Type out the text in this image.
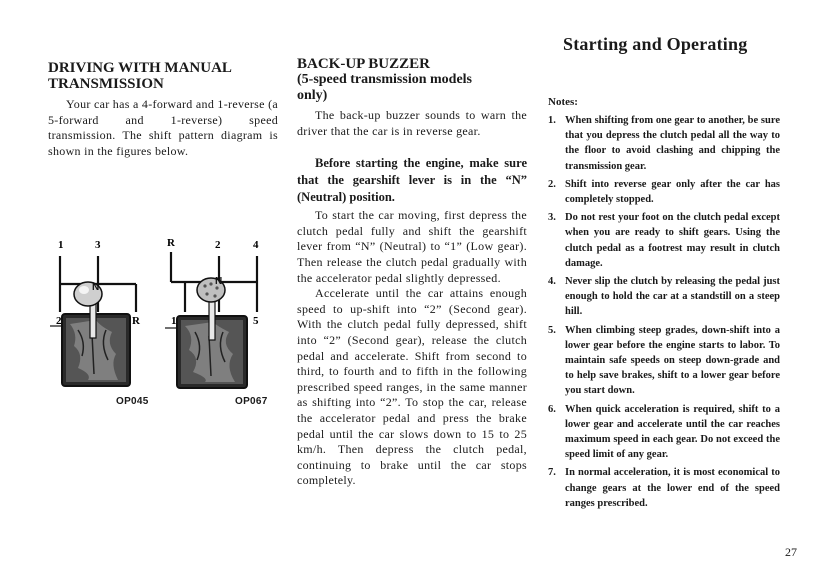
Starting and Operating
DRIVING WITH MANUAL
TRANSMISSION

Your car has a 4-forward and 1-reverse (a 5-forward and 1-reverse) speed transmission. The shift pattern diagram is shown in the figures below.

1	3
2	R
N
OP045
R	2	4
1	5
N
OP067
BACK-UP BUZZER
(5-speed transmission models
only)

The back-up buzzer sounds to warn the driver that the car is in reverse gear.

Before starting the engine, make sure that the gearshift lever is in the “N” (Neutral) position.

To start the car moving, first depress the clutch pedal fully and shift the gearshift lever from “N” (Neutral) to “1” (Low gear). Then release the clutch pedal gradually with the accelerator pedal slightly depressed.

Accelerate until the car attains enough speed to up-shift into “2” (Second gear). With the clutch pedal fully depressed, shift into “2” (Second gear), release the clutch pedal and accelerate. Shift from second to third, to fourth and to fifth in the following prescribed speed ranges, in the same manner as shifting into “2”. To stop the car, release the accelerator pedal and press the brake pedal until the car slows down to 15 to 25 km/h. Then depress the clutch pedal, continuing to brake until the car stops completely.

Notes:
1. When shifting from one gear to another, be sure that you depress the clutch pedal all the way to the floor to avoid clashing and chipping the transmission gear.
2. Shift into reverse gear only after the car has completely stopped.
3. Do not rest your foot on the clutch pedal except when you are ready to shift gears. Using the clutch pedal as a footrest may result in clutch damage.
4. Never slip the clutch by releasing the pedal just enough to hold the car at a standstill on a steep hill.
5. When climbing steep grades, down-shift into a lower gear before the engine starts to labor. To maintain safe speeds on steep down-grade and to help save brakes, shift to a lower gear before you start down.
6. When quick acceleration is required, shift to a lower gear and accelerate until the car reaches maximum speed in each gear. Do not exceed the speed limit of any gear.
7. In normal acceleration, it is most economical to change gears at the lower end of the speed ranges prescribed.
27
